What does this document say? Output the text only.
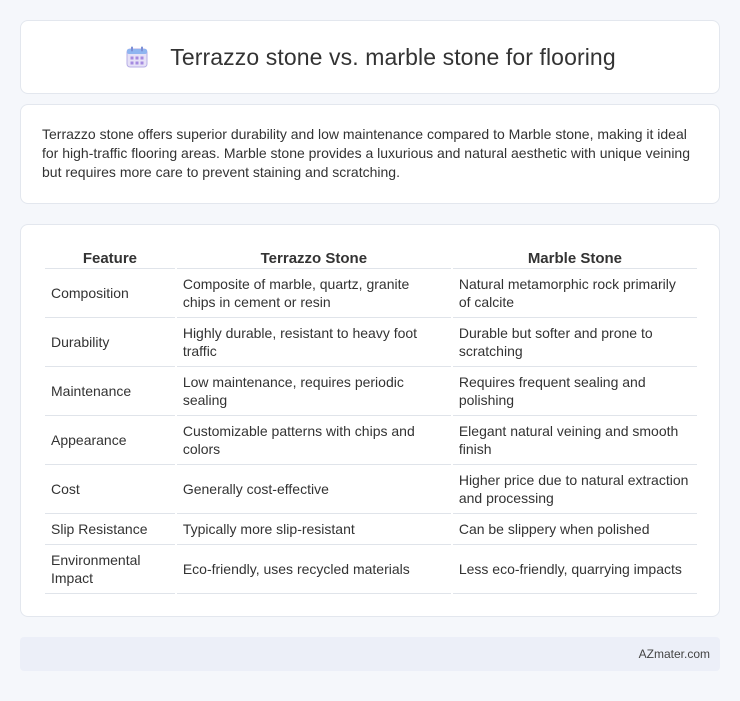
Terrazzo stone vs. marble stone for flooring

Terrazzo stone offers superior durability and low maintenance compared to Marble stone, making it ideal for high-traffic flooring areas. Marble stone provides a luxurious and natural aesthetic with unique veining but requires more care to prevent staining and scratching.

Feature	Terrazzo Stone	Marble Stone
Composition	Composite of marble, quartz, granite chips in cement or resin	Natural metamorphic rock primarily of calcite
Durability	Highly durable, resistant to heavy foot traffic	Durable but softer and prone to scratching
Maintenance	Low maintenance, requires periodic sealing	Requires frequent sealing and polishing
Appearance	Customizable patterns with chips and colors	Elegant natural veining and smooth finish
Cost	Generally cost-effective	Higher price due to natural extraction and processing
Slip Resistance	Typically more slip-resistant	Can be slippery when polished
Environmental Impact	Eco-friendly, uses recycled materials	Less eco-friendly, quarrying impacts
AZmater.com
